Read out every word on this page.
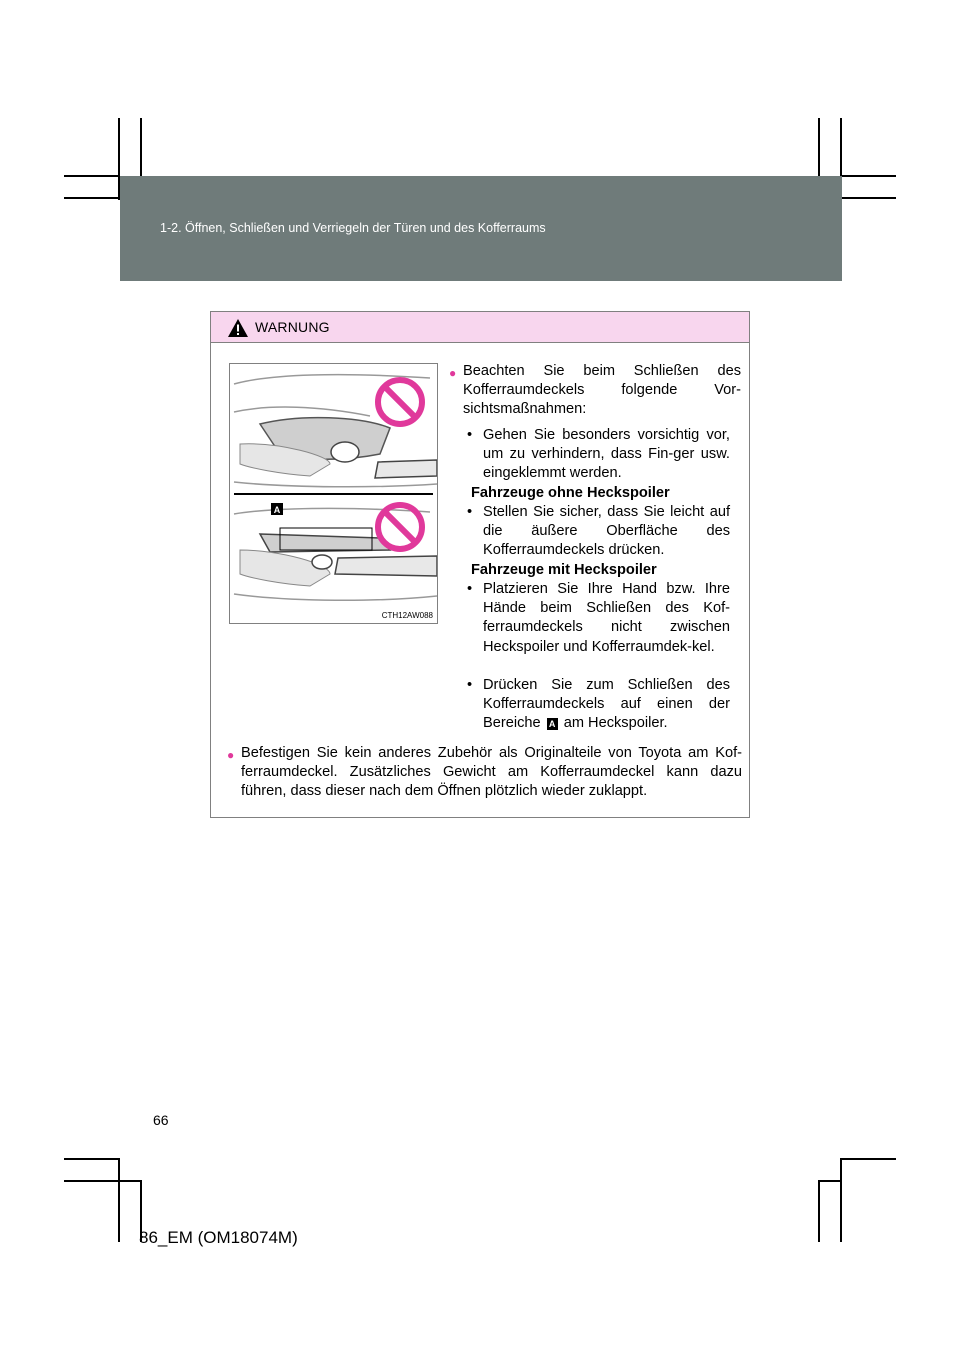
1-2. Öffnen, Schließen und Verriegeln der Türen und des Kofferraums
WARNUNG
A
CTH12AW088
● Beachten Sie beim Schließen des Kofferraumdeckels folgende Vor-sichtsmaßnahmen:
• Gehen Sie besonders vorsichtig vor, um zu verhindern, dass Fin-ger usw. eingeklemmt werden.
Fahrzeuge ohne Heckspoiler
• Stellen Sie sicher, dass Sie leicht auf die äußere Oberfläche des Kofferraumdeckels drücken.
Fahrzeuge mit Heckspoiler
• Platzieren Sie Ihre Hand bzw. Ihre Hände beim Schließen des Kof-ferraumdeckels nicht zwischen Heckspoiler und Kofferraumdek-kel.
• Drücken Sie zum Schließen des Kofferraumdeckels auf einen der Bereiche A am Heckspoiler.
● Befestigen Sie kein anderes Zubehör als Originalteile von Toyota am Kof-ferraumdeckel. Zusätzliches Gewicht am Kofferraumdeckel kann dazu führen, dass dieser nach dem Öffnen plötzlich wieder zuklappt.
66
86_EM (OM18074M)
